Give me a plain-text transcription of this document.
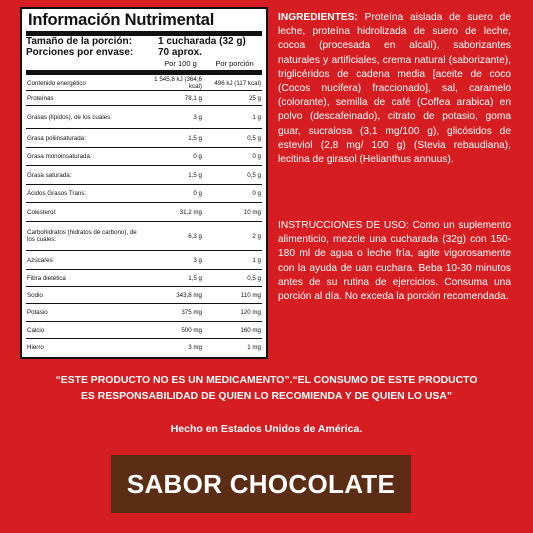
Información Nutrimental
Tamaño de la porción:	1 cucharada (32 g)
Porciones por envase:	70 aprox.
Por 100 g	Por porción
Contenido energético	1 545,8 kJ (364,6 kcal)	496 kJ (117 kcal)
Proteínas	78,1 g	25 g
Grasas (lípidos), de los cuales:	3 g	1 g
Grasa poliinsaturada:	1,5 g	0,5 g
Grasa monoinsaturada:	0 g	0 g
Grasa saturada:	1,5 g	0,5 g
Ácidos Grasos Trans:	0 g	0 g
Colesterol:	31,2 mg	10 mg
Carbohidratos (hidratos de carbono), de los cuales:	6,3 g	2 g
Azúcares	3 g	1 g
Fibra dietética	1,5 g	0,5 g
Sodio	343,8 mg	110 mg
Potasio	375 mg	120 mg
Calcio	500 mg	160 mg
Hierro	3 mg	1 mg
INGREDIENTES: Proteína aislada de suero de leche, proteína hidrolizada de suero de leche, cocoa (procesada en alcalí), saborizantes naturales y artificiales, crema natural (saborizante), triglicéridos de cadena media [aceite de coco (Cocos nucifera) fraccionado], sal, caramelo (colorante), semilla de café (Coffea arabica) en polvo (descafeinado), citrato de potasio, goma guar, sucralosa (3,1 mg/100 g), glicósidos de esteviol (2,8 mg/ 100 g) (Stevia rebaudiana), lecitina de girasol (Helianthus annuus).
INSTRUCCIONES DE USO: Como un suplemento alimenticio, mezcle una cucharada (32g) con 150-180 ml de agua o leche fría, agite vigorosamente con la ayuda de uan cuchara. Beba 10-30 minutos antes de su rutina de ejercicios. Consuma una porción al día. No exceda la porción recomendada.
“ESTE PRODUCTO NO ES UN MEDICAMENTO”.“EL CONSUMO DE ESTE PRODUCTO
ES RESPONSABILIDAD DE QUIEN LO RECOMIENDA Y DE QUIEN LO USA”
Hecho en Estados Unidos de América.
SABOR CHOCOLATE
